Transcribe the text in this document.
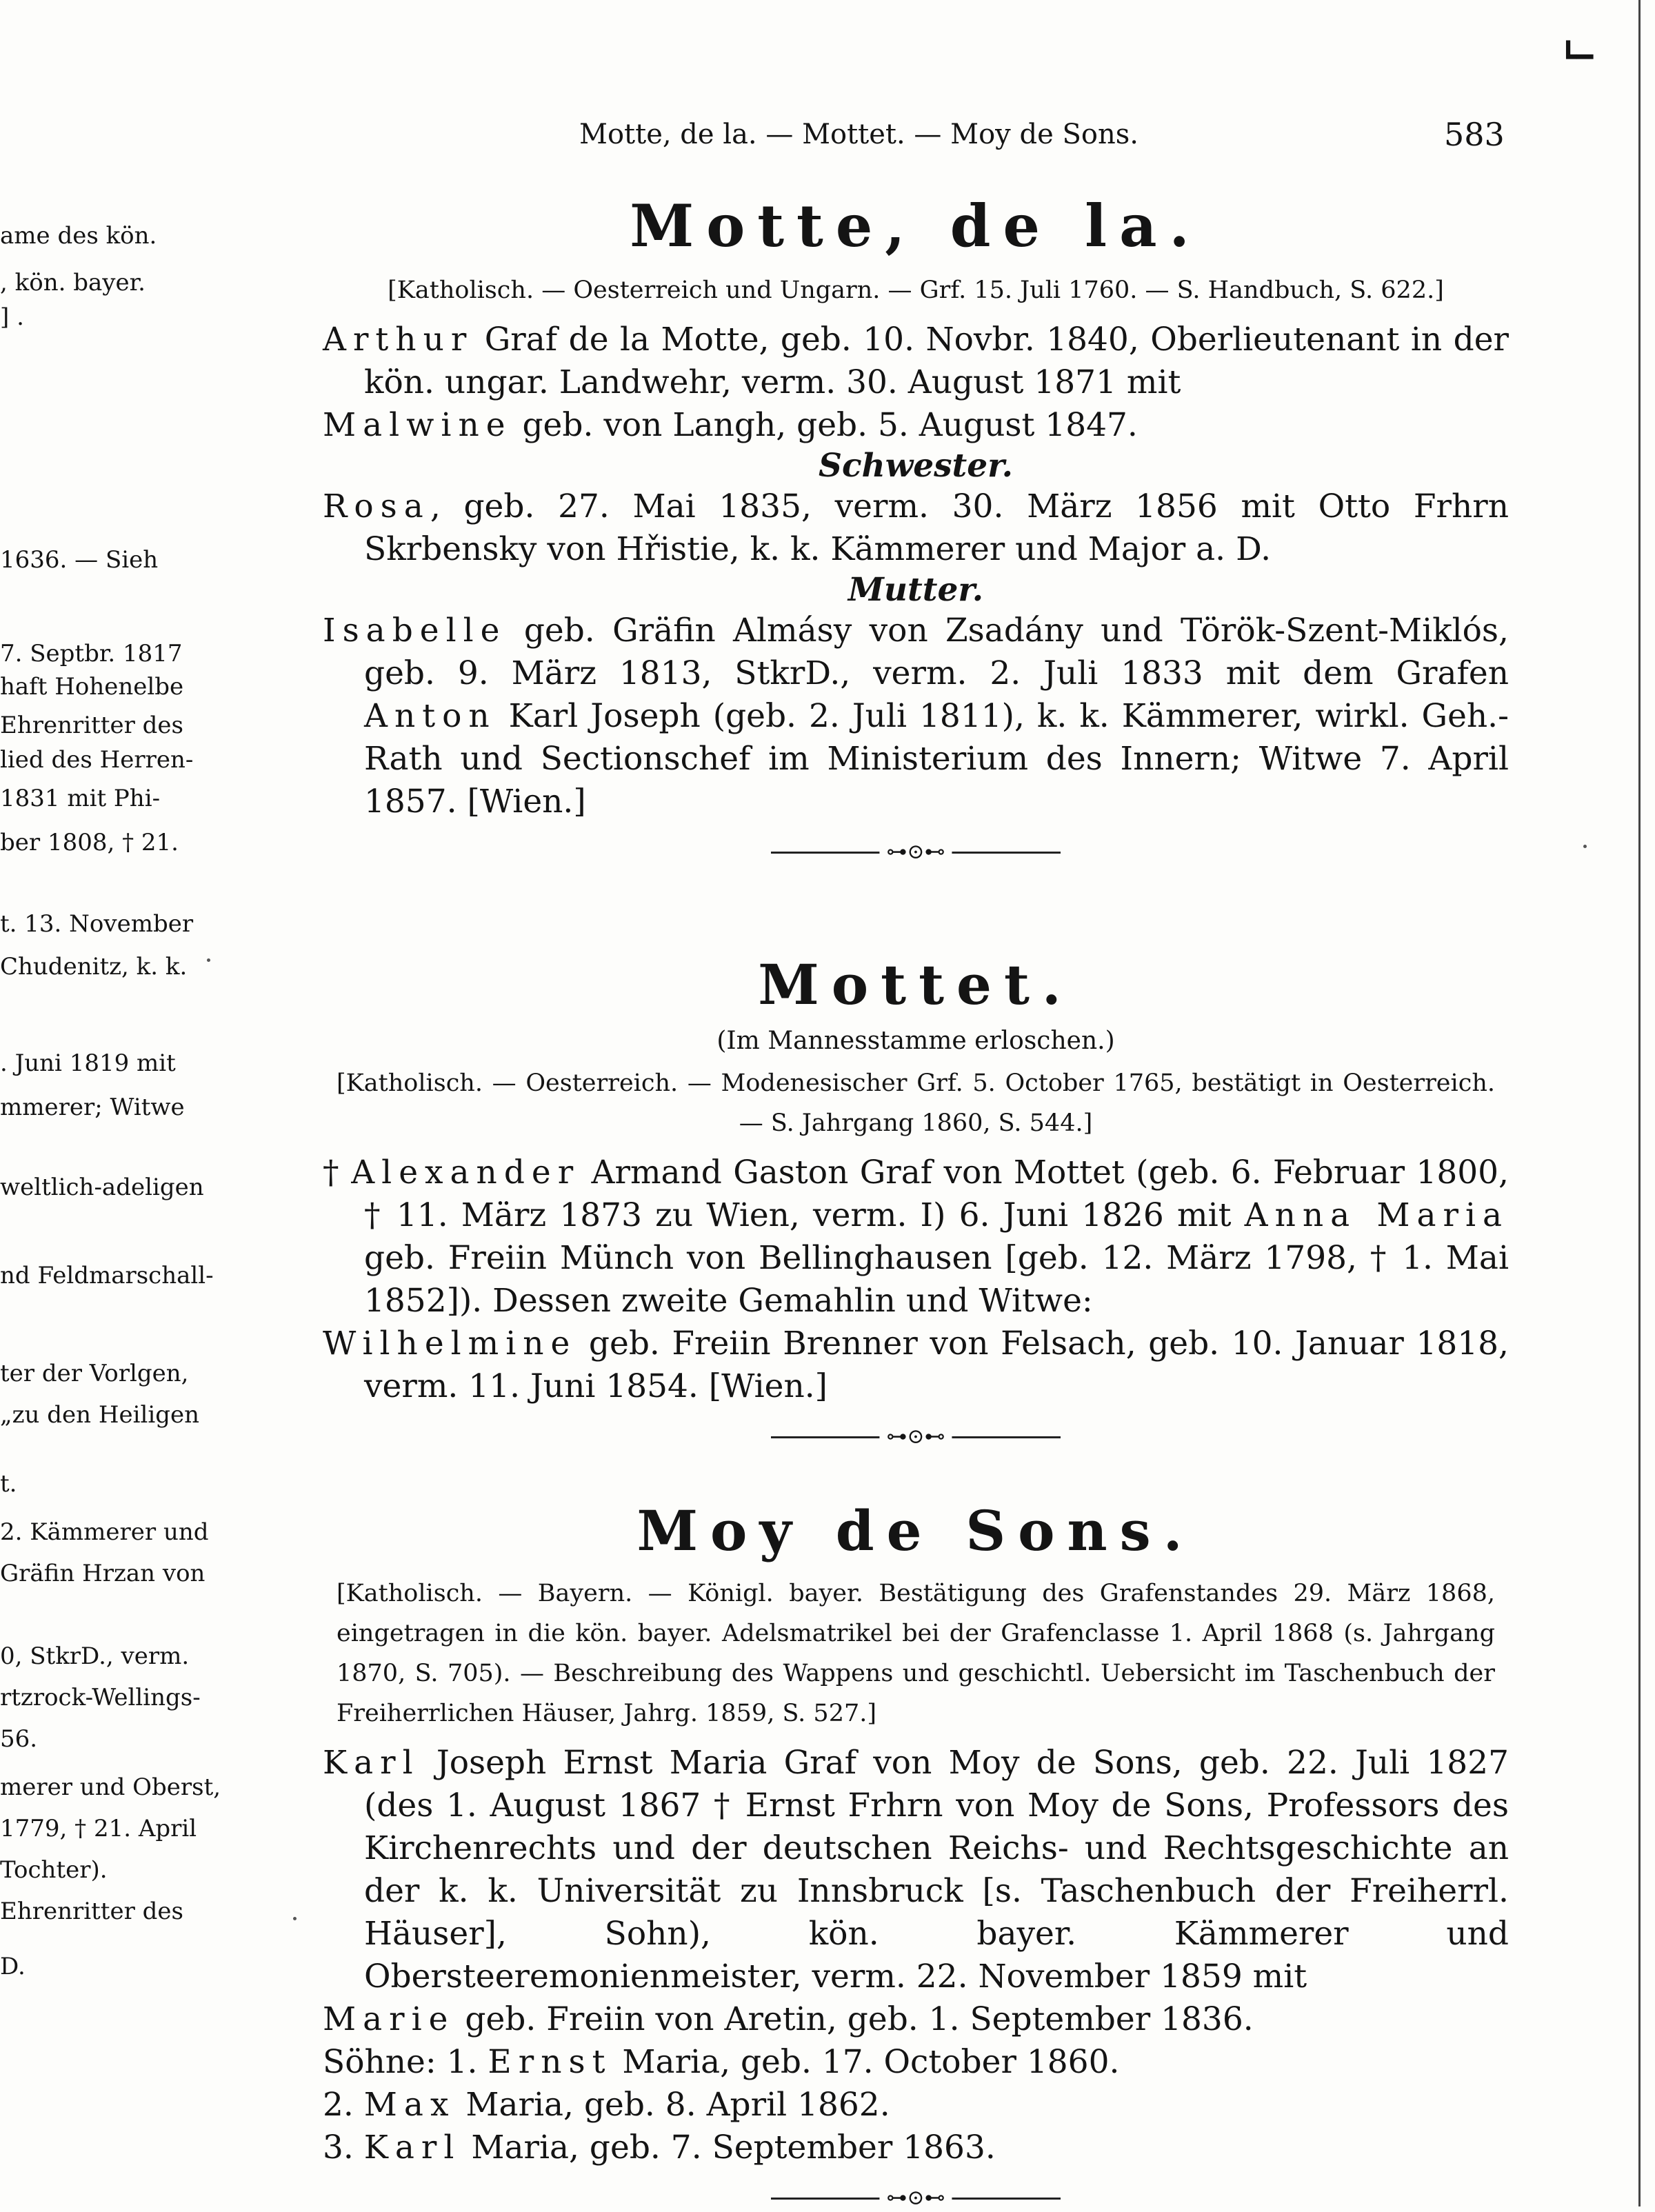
ame des kön.
, kön. bayer.
] .
1636. — Sieh
7. Septbr. 1817
haft Hohenelbe
Ehrenritter des
lied des Herren-
1831 mit Phi-
ber 1808, † 21.
t. 13. November
Chudenitz, k. k.
. Juni 1819 mit
mmerer; Witwe
weltlich-adeligen
nd Feldmarschall-
ter der Vorlgen,
„zu den Heiligen
t.
2. Kämmerer und
Gräfin Hrzan von
0, StkrD., verm.
rtzrock-Wellings-
56.
merer und Oberst,
1779, † 21. April
Tochter).
Ehrenritter des
D.
Motte, de la. — Mottet. — Moy de Sons.	583
Motte, de la.
[Katholisch. — Oesterreich und Ungarn. — Grf. 15. Juli 1760. — S. Handbuch, S. 622.]

Arthur Graf de la Motte, geb. 10. Novbr. 1840, Oberlieutenant in der kön. ungar. Landwehr, verm. 30. August 1871 mit

Malwine geb. von Langh, geb. 5. August 1847.

Schwester.

Rosa, geb. 27. Mai 1835, verm. 30. März 1856 mit Otto Frhrn Skrbensky von Hřistie, k. k. Kämmerer und Major a. D.

Mutter.

Isabelle geb. Gräfin Almásy von Zsadány und Török-Szent-Miklós, geb. 9. März 1813, StkrD., verm. 2. Juli 1833 mit dem Grafen Anton Karl Joseph (geb. 2. Juli 1811), k. k. Kämmerer, wirkl. Geh.-Rath und Sectionschef im Ministerium des Innern; Witwe 7. April 1857. [Wien.]

⊶⊙⊷
Mottet.
(Im Mannesstamme erloschen.)
[Katholisch. — Oesterreich. — Modenesischer Grf. 5. October 1765, bestätigt in Oesterreich. — S. Jahrgang 1860, S. 544.]

† Alexander Armand Gaston Graf von Mottet (geb. 6. Februar 1800, † 11. März 1873 zu Wien, verm. I) 6. Juni 1826 mit Anna Maria geb. Freiin Münch von Bellinghausen [geb. 12. März 1798, † 1. Mai 1852]). Dessen zweite Gemahlin und Witwe:

Wilhelmine geb. Freiin Brenner von Felsach, geb. 10. Januar 1818, verm. 11. Juni 1854. [Wien.]

⊶⊙⊷
Moy de Sons.
[Katholisch. — Bayern. — Königl. bayer. Bestätigung des Grafenstandes 29. März 1868, eingetragen in die kön. bayer. Adelsmatrikel bei der Grafenclasse 1. April 1868 (s. Jahrgang 1870, S. 705). — Beschreibung des Wappens und geschichtl. Uebersicht im Taschenbuch der Freiherrlichen Häuser, Jahrg. 1859, S. 527.]

Karl Joseph Ernst Maria Graf von Moy de Sons, geb. 22. Juli 1827 (des 1. August 1867 † Ernst Frhrn von Moy de Sons, Professors des Kirchenrechts und der deutschen Reichs- und Rechtsgeschichte an der k. k. Universität zu Innsbruck [s. Taschenbuch der Freiherrl. Häuser], Sohn), kön. bayer. Kämmerer und Obersteeremonienmeister, verm. 22. November 1859 mit

Marie geb. Freiin von Aretin, geb. 1. September 1836.

Söhne: 1. Ernst Maria, geb. 17. October 1860.

2. Max Maria, geb. 8. April 1862.

3. Karl Maria, geb. 7. September 1863.

⊶⊙⊷
┗━
